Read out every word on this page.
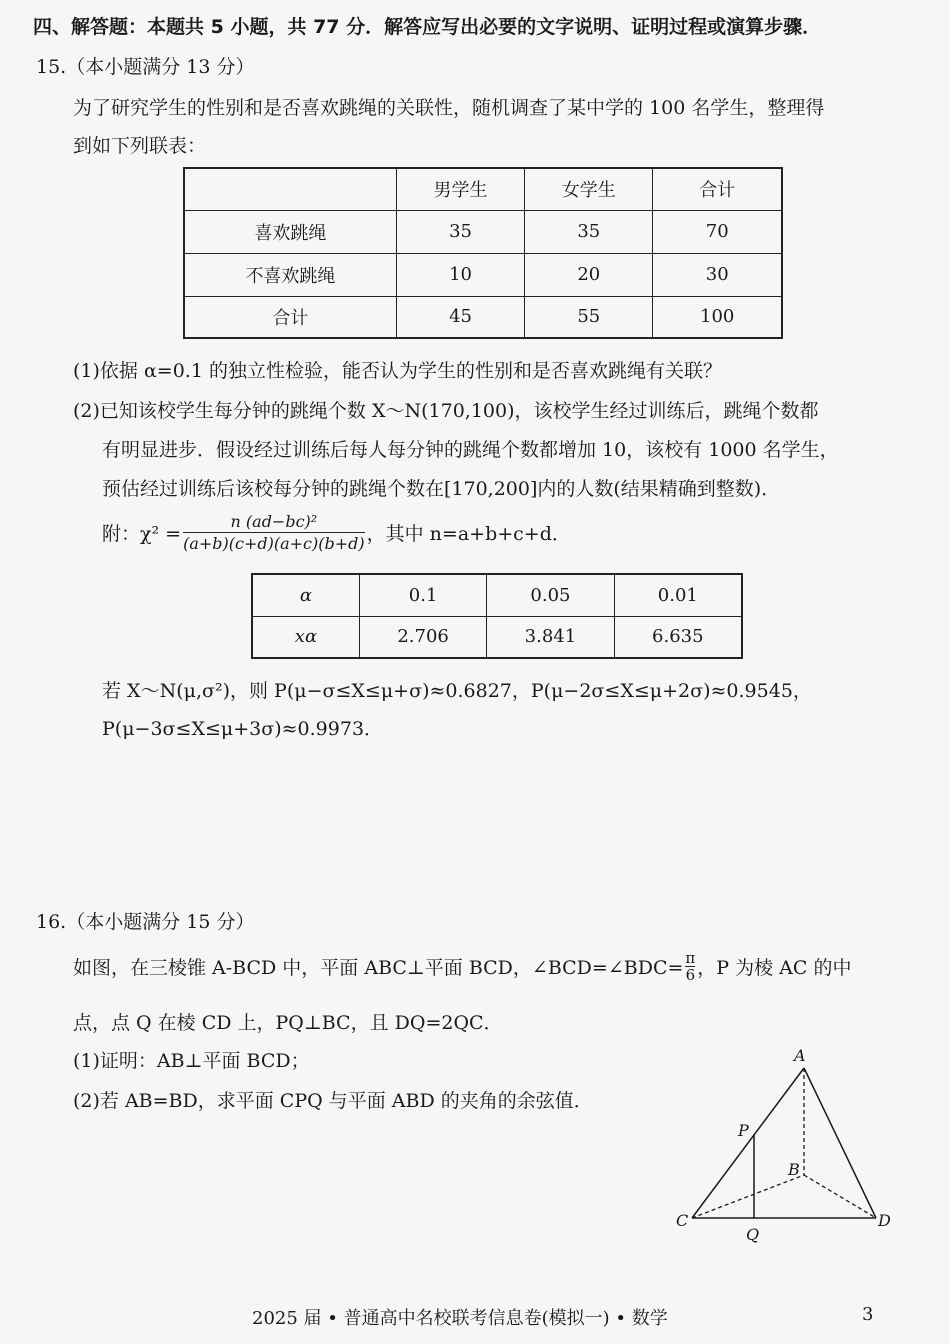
四、解答题：本题共 5 小题，共 77 分．解答应写出必要的文字说明、证明过程或演算步骤．
15.（本小题满分 13 分）
为了研究学生的性别和是否喜欢跳绳的关联性，随机调查了某中学的 100 名学生，整理得
到如下列联表：
	男学生	女学生	合计
喜欢跳绳	35	35	70
不喜欢跳绳	10	20	30
合计	45	55	100
(1)依据 α=0.1 的独立性检验，能否认为学生的性别和是否喜欢跳绳有关联？
(2)已知该校学生每分钟的跳绳个数 X～N(170,100)，该校学生经过训练后，跳绳个数都
有明显进步．假设经过训练后每人每分钟的跳绳个数都增加 10，该校有 1000 名学生，
预估经过训练后该校每分钟的跳绳个数在[170,200]内的人数(结果精确到整数)．
附：$\chi^2 = \frac{\text{n (ad−bc)²}}{(a+b)(c+d)(a+c)(b+d)}$ ，其中 n=a+b+c+d．
α	0.1	0.05	0.01
xα	2.706	3.841	6.635
若 X～N(μ,σ²)，则 P(μ−σ≤X≤μ+σ)≈0.6827，P(μ−2σ≤X≤μ+2σ)≈0.9545，
P(μ−3σ≤X≤μ+3σ)≈0.9973．
16.（本小题满分 15 分）
如图，在三棱锥 A-BCD 中，平面 ABC⊥平面 BCD，∠BCD=∠BDC= $\frac{\pi}{6}$ ，P 为棱 AC 的中
点，点 Q 在棱 CD 上，PQ⊥BC，且 DQ=2QC．
(1)证明：AB⊥平面 BCD；
(2)若 AB=BD，求平面 CPQ 与平面 ABD 的夹角的余弦值．
A
B
C	D
P
Q
2025 届 • 普通高中名校联考信息卷(模拟一) • 数学	3
